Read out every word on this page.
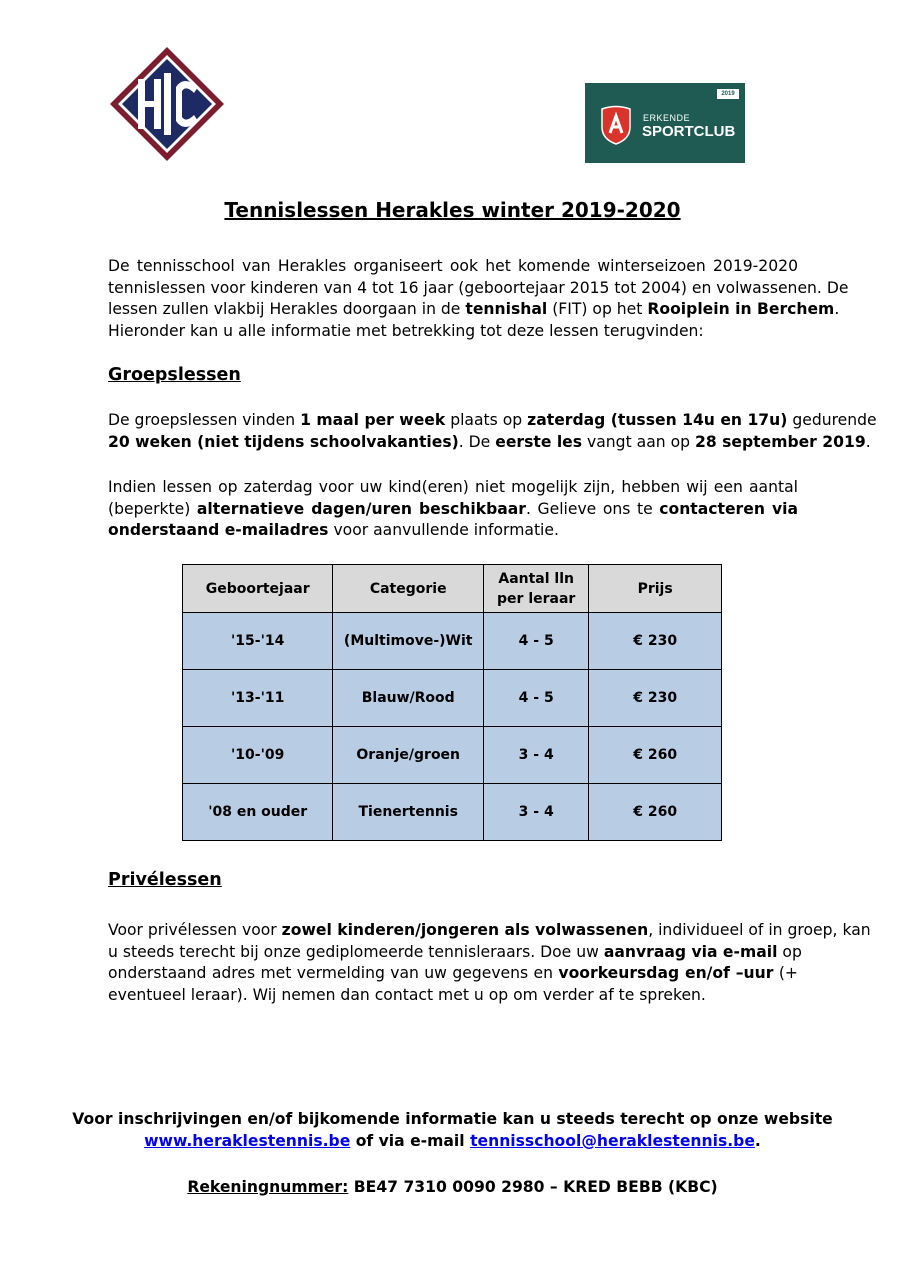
2019
ERKENDE
SPORTCLUB
Tennislessen Herakles winter 2019-2020
De tennisschool van Herakles organiseert ook het komende winterseizoen 2019-2020
tennislessen voor kinderen van 4 tot 16 jaar (geboortejaar 2015 tot 2004) en volwassenen. De
lessen zullen vlakbij Herakles doorgaan in de tennishal (FIT) op het Rooiplein in Berchem.
Hieronder kan u alle informatie met betrekking tot deze lessen terugvinden:
Groepslessen
De groepslessen vinden 1 maal per week plaats op zaterdag (tussen 14u en 17u) gedurende
20 weken (niet tijdens schoolvakanties). De eerste les vangt aan op 28 september 2019.
Indien lessen op zaterdag voor uw kind(eren) niet mogelijk zijn, hebben wij een aantal
(beperkte) alternatieve dagen/uren beschikbaar. Gelieve ons te contacteren via
onderstaand e-mailadres voor aanvullende informatie.
Geboortejaar	Categorie	Aantal lln per leraar	Prijs
'15-'14	(Multimove-)Wit	4 - 5	€ 230
'13-'11	Blauw/Rood	4 - 5	€ 230
'10-'09	Oranje/groen	3 - 4	€ 260
'08 en ouder	Tienertennis	3 - 4	€ 260
Privélessen
Voor privélessen voor zowel kinderen/jongeren als volwassenen, individueel of in groep, kan
u steeds terecht bij onze gediplomeerde tennisleraars. Doe uw aanvraag via e-mail op
onderstaand adres met vermelding van uw gegevens en voorkeursdag en/of –uur (+
eventueel leraar). Wij nemen dan contact met u op om verder af te spreken.
Voor inschrijvingen en/of bijkomende informatie kan u steeds terecht op onze website
www.heraklestennis.be of via e-mail tennisschool@heraklestennis.be.
Rekeningnummer: BE47 7310 0090 2980 – KRED BEBB (KBC)
